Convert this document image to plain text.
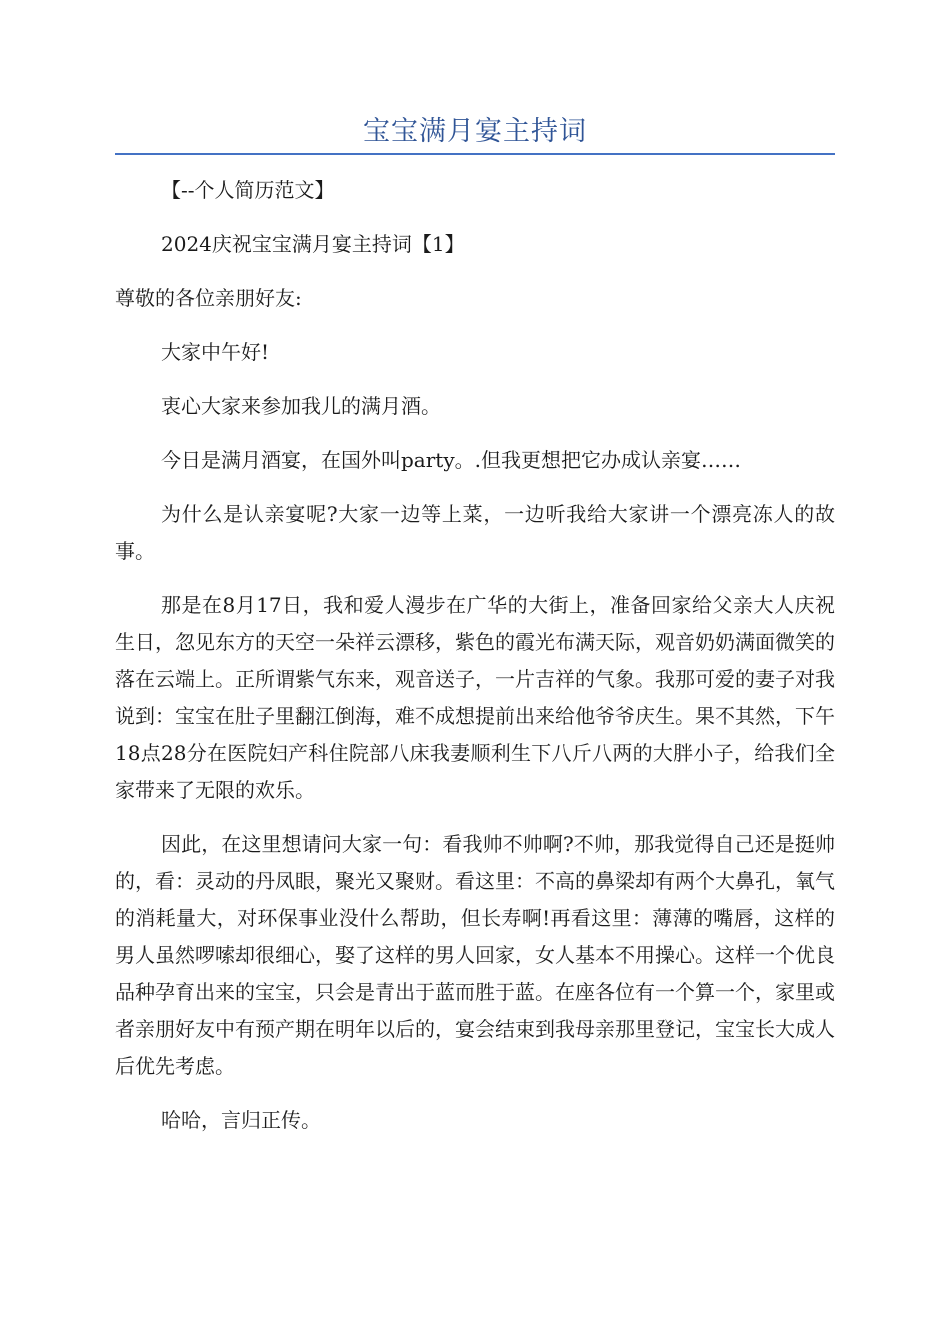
宝宝满月宴主持词

【--个人简历范文】

2024庆祝宝宝满月宴主持词【1】

尊敬的各位亲朋好友:

大家中午好!

衷心大家来参加我儿的满月酒。

今日是满月酒宴，在国外叫party。.但我更想把它办成认亲宴……

为什么是认亲宴呢?大家一边等上菜，一边听我给大家讲一个漂亮冻人的故事。

那是在8月17日，我和爱人漫步在广华的大街上，准备回家给父亲大人庆祝生日，忽见东方的天空一朵祥云漂移，紫色的霞光布满天际，观音奶奶满面微笑的落在云端上。正所谓紫气东来，观音送子，一片吉祥的气象。我那可爱的妻子对我说到：宝宝在肚子里翻江倒海，难不成想提前出来给他爷爷庆生。果不其然，下午18点28分在医院妇产科住院部八床我妻顺利生下八斤八两的大胖小子，给我们全家带来了无限的欢乐。

因此，在这里想请问大家一句：看我帅不帅啊?不帅，那我觉得自己还是挺帅的，看：灵动的丹凤眼，聚光又聚财。看这里：不高的鼻梁却有两个大鼻孔，氧气的消耗量大，对环保事业没什么帮助，但长寿啊!再看这里：薄薄的嘴唇，这样的男人虽然啰嗦却很细心，娶了这样的男人回家，女人基本不用操心。这样一个优良品种孕育出来的宝宝，只会是青出于蓝而胜于蓝。在座各位有一个算一个，家里或者亲朋好友中有预产期在明年以后的，宴会结束到我母亲那里登记，宝宝长大成人后优先考虑。

哈哈，言归正传。
